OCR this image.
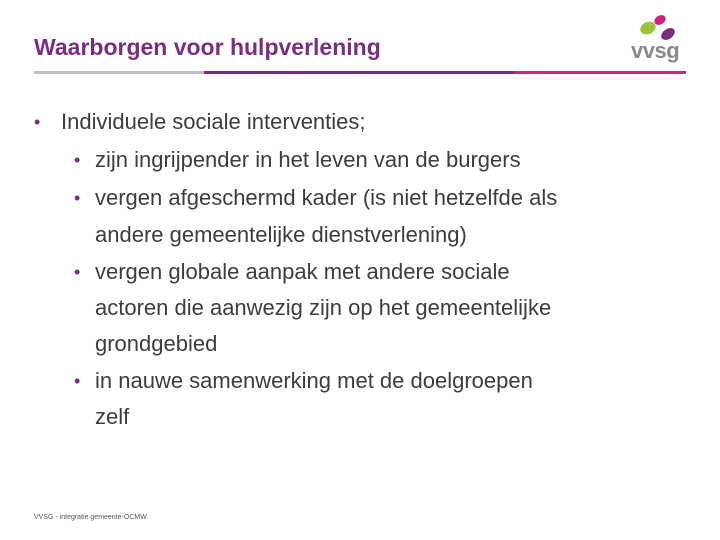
Waarborgen voor hulpverlening	vvsg
• Individuele sociale interventies;
• zijn ingrijpender in het leven van de burgers
• vergen afgeschermd kader (is niet hetzelfde als
andere gemeentelijke dienstverlening)
• vergen globale aanpak met andere sociale
actoren die aanwezig zijn op het gemeentelijke
grondgebied
• in nauwe samenwerking met de doelgroepen
zelf
VVSG - integratie gemeente-OCMW
